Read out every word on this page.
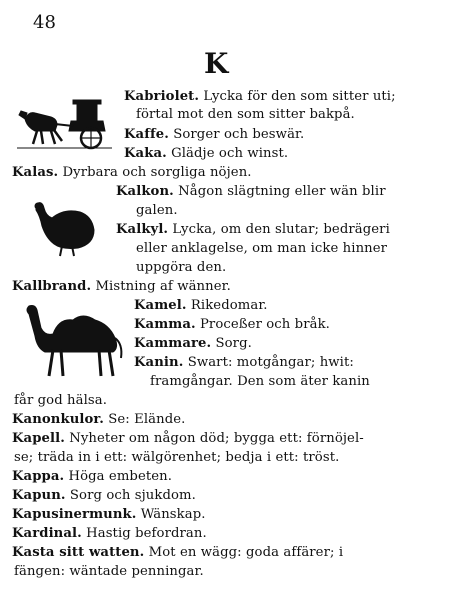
48
K
Kabriolet. Lycka för den som sitter uti;
förtal mot den som sitter bakpå.
Kaffe. Sorger och beswär.
Kaka. Glädje och winst.
Kalas. Dyrbara och sorgliga nöjen.
Kalkon. Någon slägtning eller wän blir
galen.
Kalkyl. Lycka, om den slutar; bedrägeri
eller anklagelse, om man icke hinner
uppgöra den.
Kallbrand. Mistning af wänner.
Kamel. Rikedomar.
Kamma. Proceßer och bråk.
Kammare. Sorg.
Kanin. Swart: motgångar; hwit:
framgångar. Den som äter kanin
får god hälsa.
Kanonkulor. Se: Elände.
Kapell. Nyheter om någon död; bygga ett: förnöjel-
se; träda in i ett: wälgörenhet; bedja i ett: tröst.
Kappa. Höga embeten.
Kapun. Sorg och sjukdom.
Kapusinermunk. Wänskap.
Kardinal. Hastig befordran.
Kasta sitt watten. Mot en wägg: goda affärer; i
fängen: wäntade penningar.
